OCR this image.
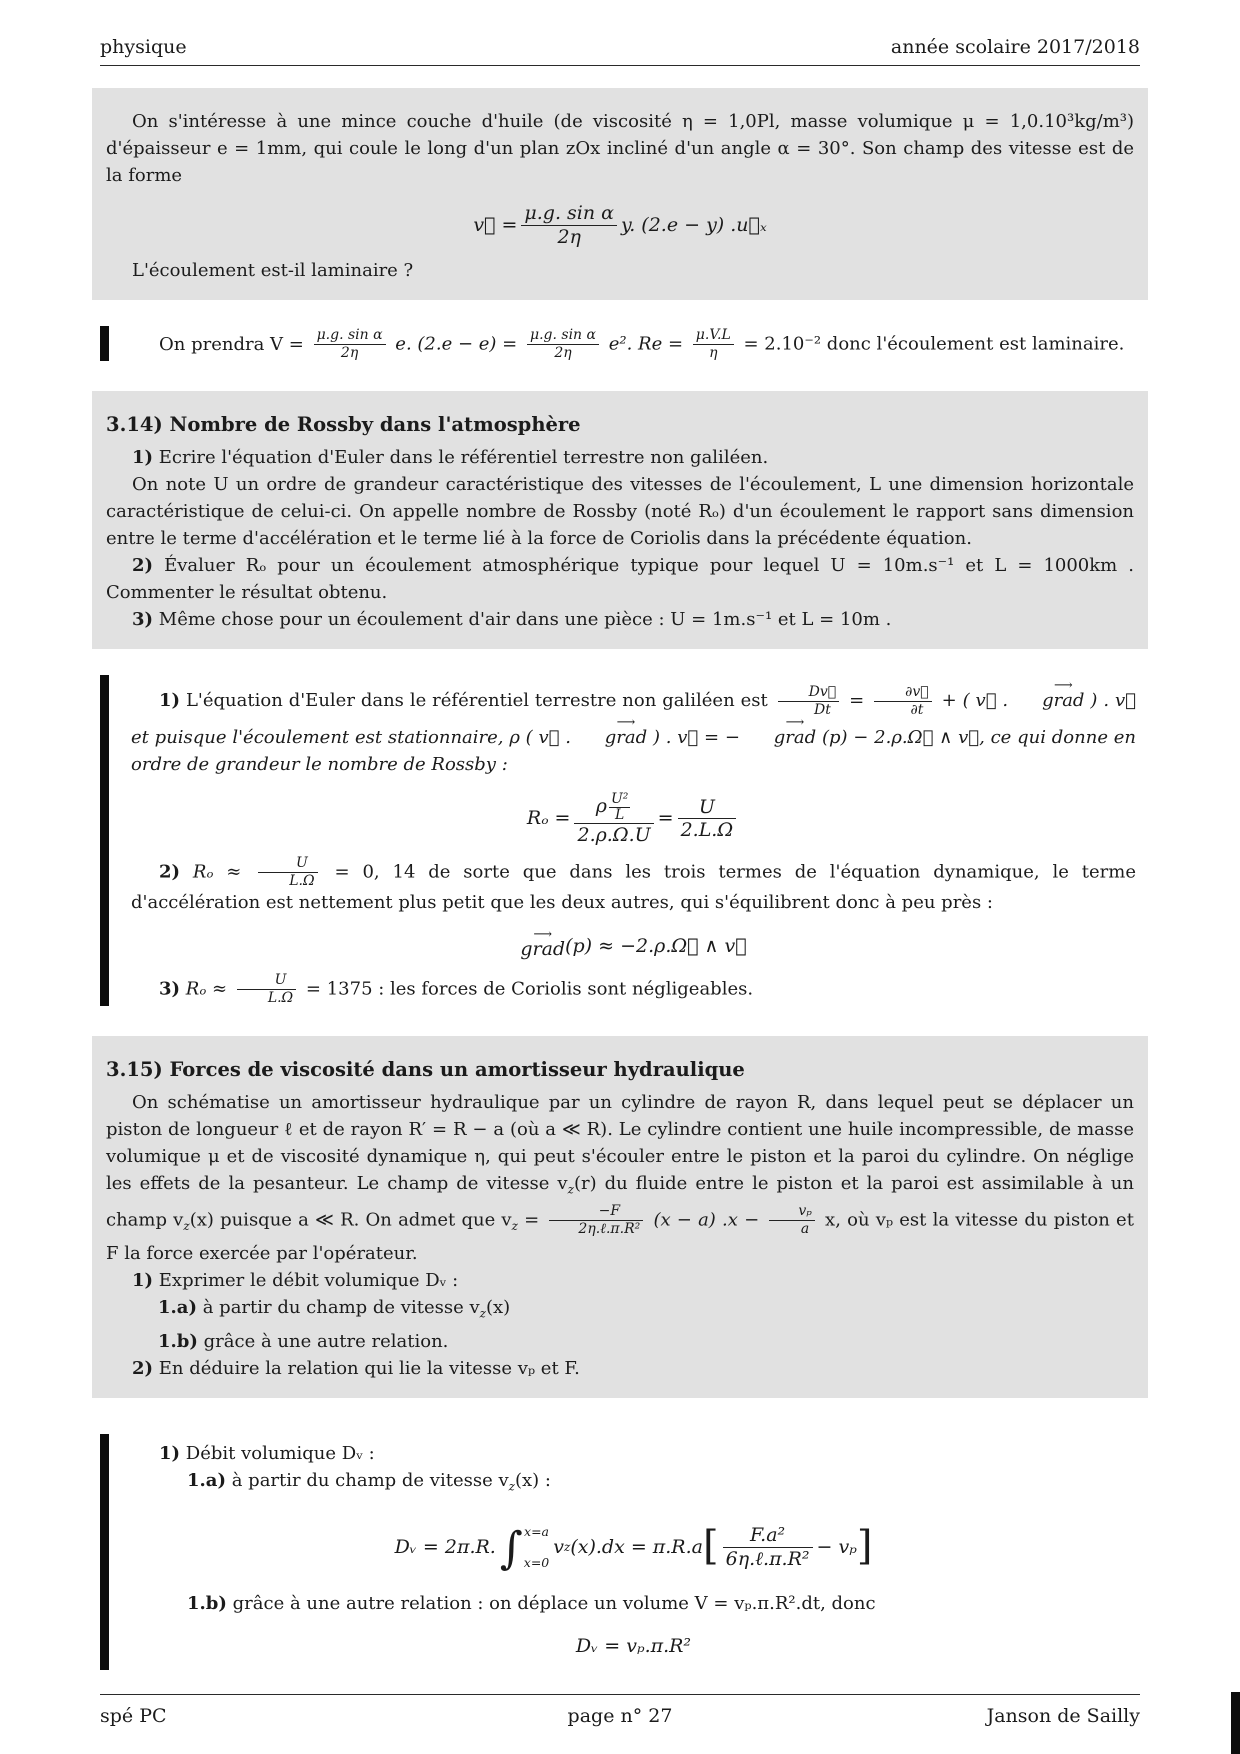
physique	année scolaire 2017/2018
On s'intéresse à une mince couche d'huile (de viscosité η = 1,0Pl, masse volumique μ = 1,0.10³kg/m³) d'épaisseur e = 1mm, qui coule le long d'un plan zOx incliné d'un angle α = 30°. Son champ des vitesse est de la forme
v⃗ = $\frac{\text{μ.g. sin α}}{2\eta} y$. (2.e − y) .u⃗ₓ
L'écoulement est-il laminaire ?
On prendra $V = \frac{\text{μ.g. sin α}}{2\eta} e$. $(2.e - e) = \frac{\text{μ.g. sin α}}{2\eta} e^2$. $Re = \frac{\mu.V.L}{\eta} = 2.10^{-2}$ donc l'écoulement est laminaire.
3.14) Nombre de Rossby dans l'atmosphère
1) Ecrire l'équation d'Euler dans le référentiel terrestre non galiléen.
On note U un ordre de grandeur caractéristique des vitesses de l'écoulement, L une dimension horizontale caractéristique de celui-ci. On appelle nombre de Rossby (noté Rₒ) d'un écoulement le rapport sans dimension entre le terme d'accélération et le terme lié à la force de Coriolis dans la précédente équation.
2) Évaluer Rₒ pour un écoulement atmosphérique typique pour lequel U = 10m.s⁻¹ et L = 1000km . Commenter le résultat obtenu.
3) Même chose pour un écoulement d'air dans une pièce : U = 1m.s⁻¹ et L = 10m .
1) L'équation d'Euler dans le référentiel terrestre non galiléen est $\frac{Dv⃗}{Dt} = \frac{\partial v⃗}{\partial t}$ + ( v⃗ .
⟶
grad ) . v⃗ et puisque l'écoulement est stationnaire, ρ ( v⃗ .
⟶
grad ) . v⃗ = −
⟶
grad (p) − 2.ρ.Ω⃗ ∧ v⃗, ce qui donne en ordre de grandeur le nombre de Rossby :
$R_o = \frac{\rho \frac{\text{U²}}{L}}{2.\rho.\Omega.U} = \frac{U}{2.L.\Omega}$
2) $R_o \approx \frac{U}{L.\Omega} = 0$, 14 de sorte que dans les trois termes de l'équation dynamique, le terme d'accélération est nettement plus petit que les deux autres, qui s'équilibrent donc à peu près :
⟶
grad (p) ≈ −2.ρ.Ω⃗ ∧ v⃗
3) $R_o \approx \frac{U}{L.\Omega} = 1375$ : les forces de Coriolis sont négligeables.
3.15) Forces de viscosité dans un amortisseur hydraulique
On schématise un amortisseur hydraulique par un cylindre de rayon R, dans lequel peut se déplacer un piston de longueur ℓ et de rayon R′ = R − a (où a ≪ R). Le cylindre contient une huile incompressible, de masse volumique μ et de viscosité dynamique η, qui peut s'écouler entre le piston et la paroi du cylindre. On néglige les effets de la pesanteur. Le champ de vitesse $v_z(r)$ du fluide entre le piston et la paroi est assimilable à un champ $v_z(x)$ puisque a ≪ R. On admet que $v_z = \frac{-F}{\text{2η.ℓ.π.R²}} (x - a) .x - \frac{\text{vₚ}}{a} x$, où vₚ est la vitesse du piston et F la force exercée par l'opérateur.
1) Exprimer le débit volumique Dᵥ :
1.a) à partir du champ de vitesse $v_z(x)$
1.b) grâce à une autre relation.
2) En déduire la relation qui lie la vitesse vₚ et F.
1) Débit volumique Dᵥ :
1.a) à partir du champ de vitesse $v_z(x)$ :
Dᵥ = 2π.R. ∫ x=a
x=0
v z (x).dx = π.R.a [ $\frac{\text{F.a²}}{\text{6η.ℓ.π.R²}} - v_p$ ]
1.b) grâce à une autre relation : on déplace un volume V = vₚ.π.R².dt, donc
Dᵥ = vₚ.π.R²
spé PC	page n° 27	Janson de Sailly
